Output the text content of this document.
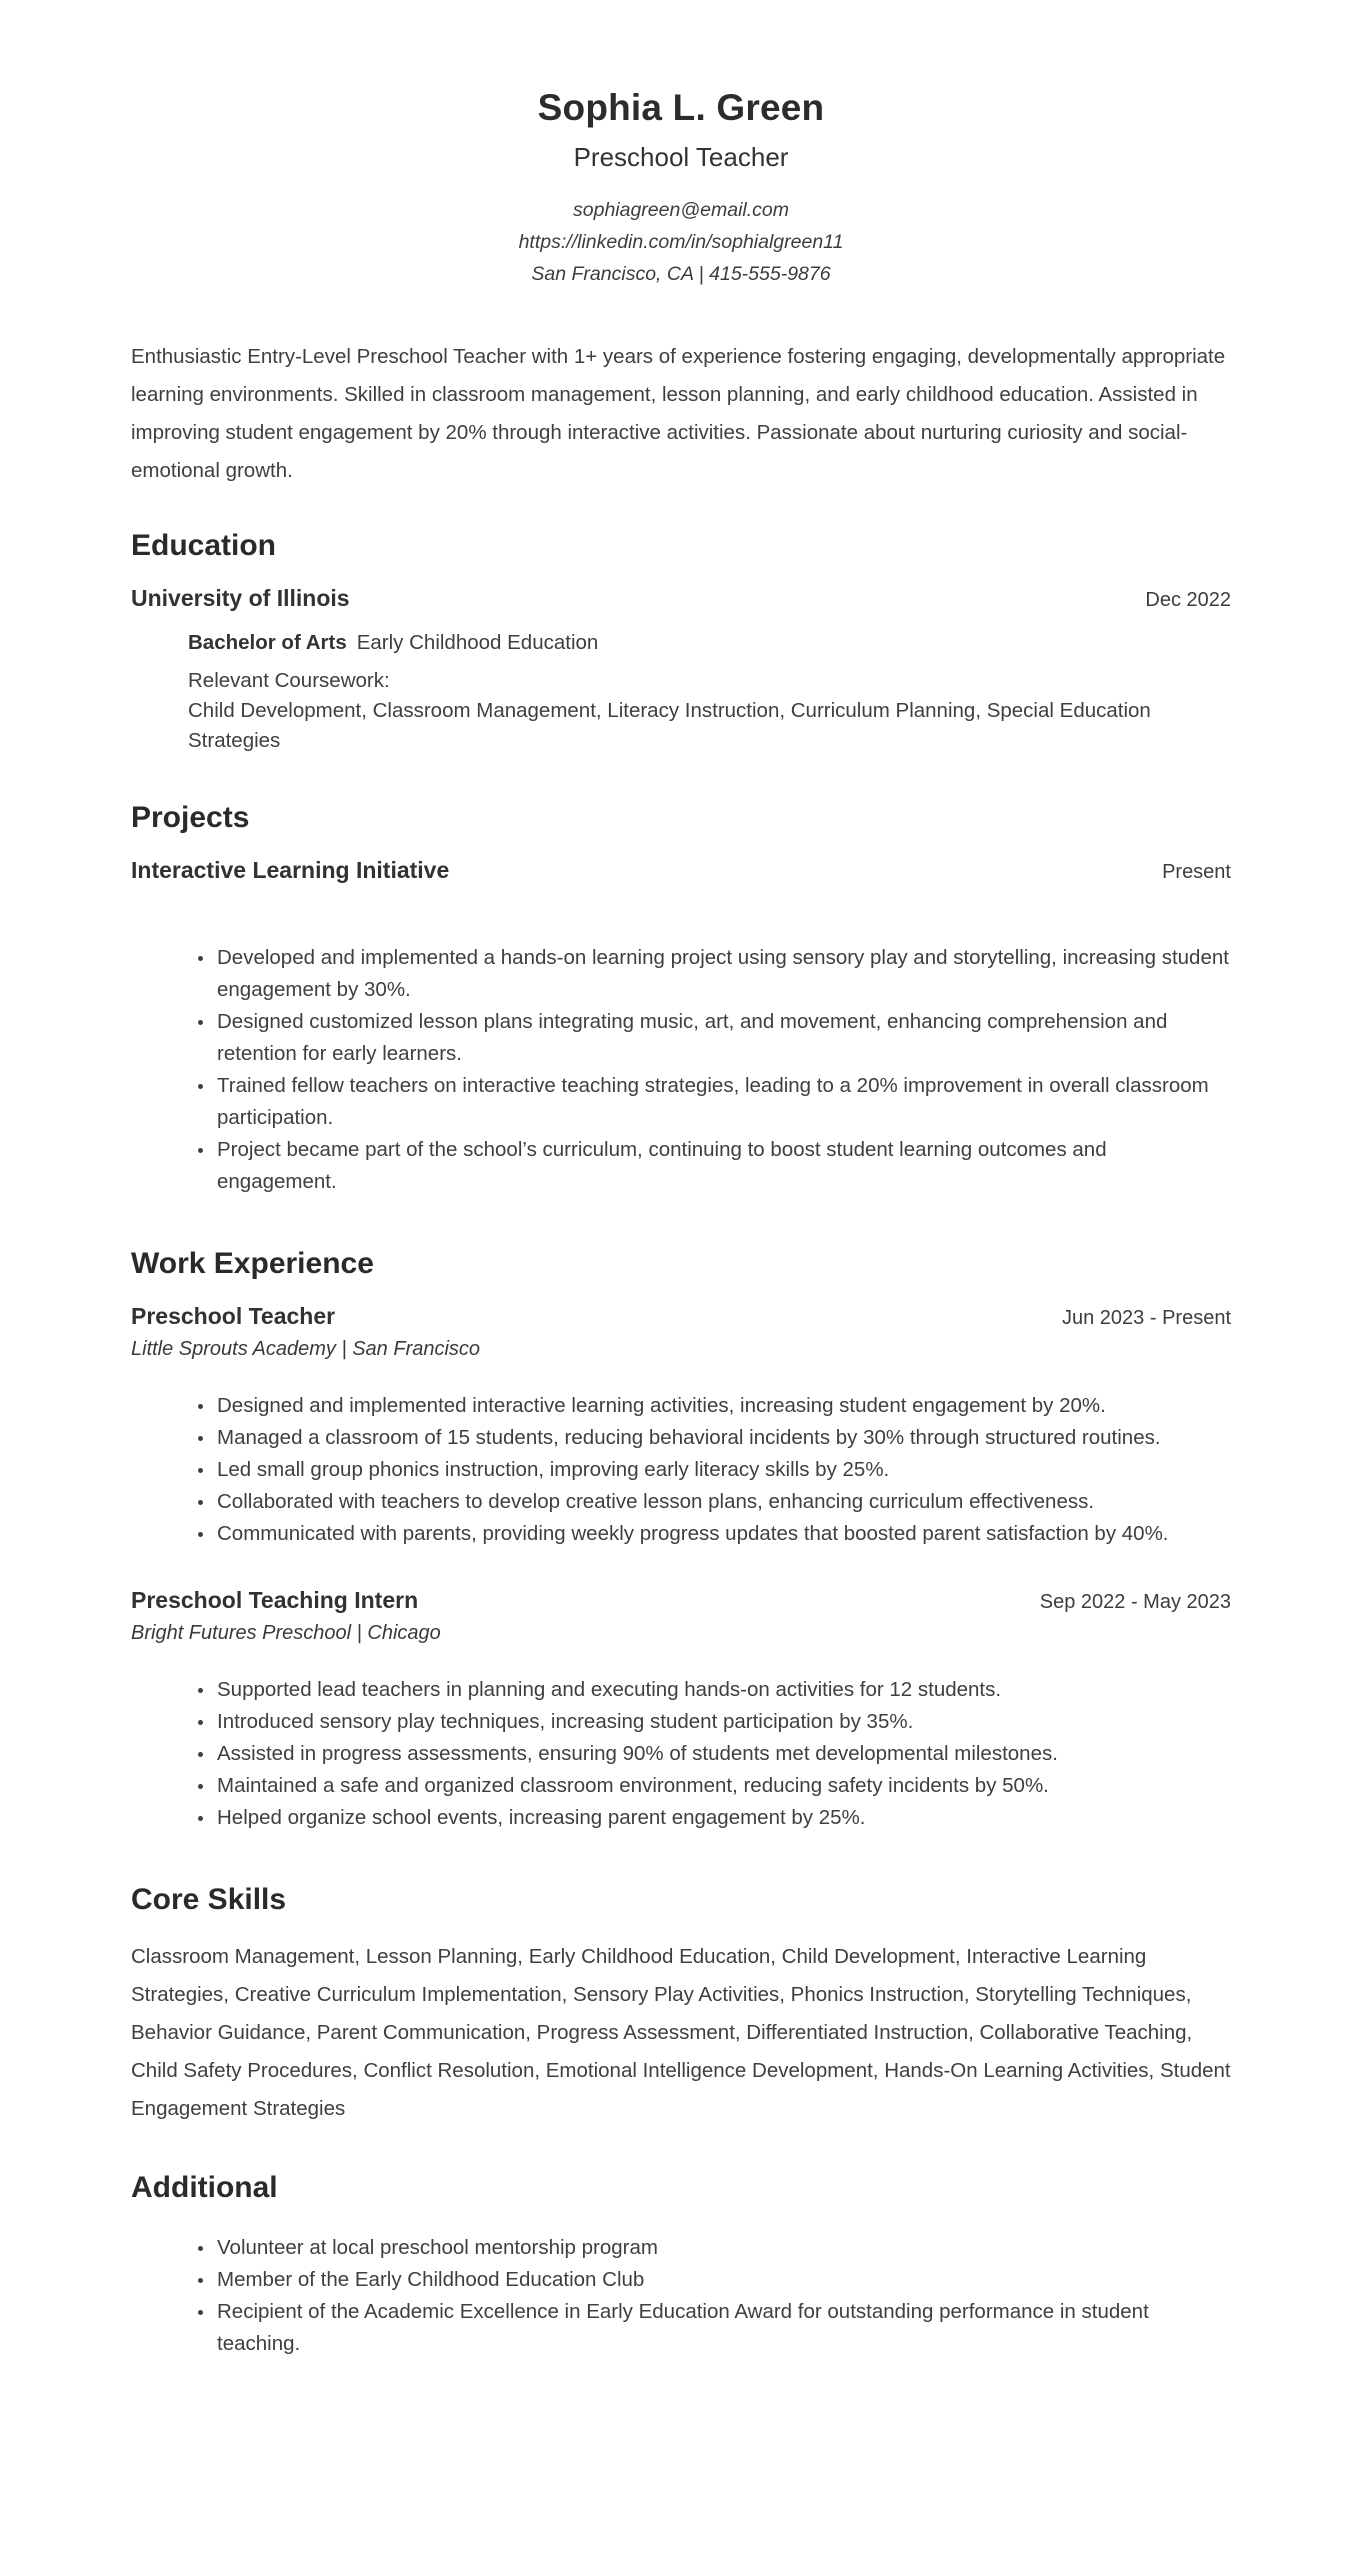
Sophia L. Green
Preschool Teacher
sophiagreen@email.com
https://linkedin.com/in/sophialgreen11
San Francisco, CA | 415-555-9876

Enthusiastic Entry-Level Preschool Teacher with 1+ years of experience fostering engaging, developmentally appropriate learning environments. Skilled in classroom management, lesson planning, and early childhood education. Assisted in improving student engagement by 20% through interactive activities. Passionate about nurturing curiosity and social-emotional growth.

Education
University of Illinois	Dec 2022
Bachelor of Arts Early Childhood Education
Relevant Coursework:
Child Development, Classroom Management, Literacy Instruction, Curriculum Planning, Special Education Strategies
Projects
Interactive Learning Initiative	Present
• Developed and implemented a hands-on learning project using sensory play and storytelling, increasing student engagement by 30%.
• Designed customized lesson plans integrating music, art, and movement, enhancing comprehension and retention for early learners.
• Trained fellow teachers on interactive teaching strategies, leading to a 20% improvement in overall classroom participation.
• Project became part of the school’s curriculum, continuing to boost student learning outcomes and engagement.
Work Experience
Preschool Teacher	Jun 2023 - Present
Little Sprouts Academy | San Francisco
• Designed and implemented interactive learning activities, increasing student engagement by 20%.
• Managed a classroom of 15 students, reducing behavioral incidents by 30% through structured routines.
• Led small group phonics instruction, improving early literacy skills by 25%.
• Collaborated with teachers to develop creative lesson plans, enhancing curriculum effectiveness.
• Communicated with parents, providing weekly progress updates that boosted parent satisfaction by 40%.
Preschool Teaching Intern	Sep 2022 - May 2023
Bright Futures Preschool | Chicago
• Supported lead teachers in planning and executing hands-on activities for 12 students.
• Introduced sensory play techniques, increasing student participation by 35%.
• Assisted in progress assessments, ensuring 90% of students met developmental milestones.
• Maintained a safe and organized classroom environment, reducing safety incidents by 50%.
• Helped organize school events, increasing parent engagement by 25%.
Core Skills

Classroom Management, Lesson Planning, Early Childhood Education, Child Development, Interactive Learning Strategies, Creative Curriculum Implementation, Sensory Play Activities, Phonics Instruction, Storytelling Techniques, Behavior Guidance, Parent Communication, Progress Assessment, Differentiated Instruction, Collaborative Teaching, Child Safety Procedures, Conflict Resolution, Emotional Intelligence Development, Hands-On Learning Activities, Student Engagement Strategies

Additional
• Volunteer at local preschool mentorship program
• Member of the Early Childhood Education Club
• Recipient of the Academic Excellence in Early Education Award for outstanding performance in student teaching.
